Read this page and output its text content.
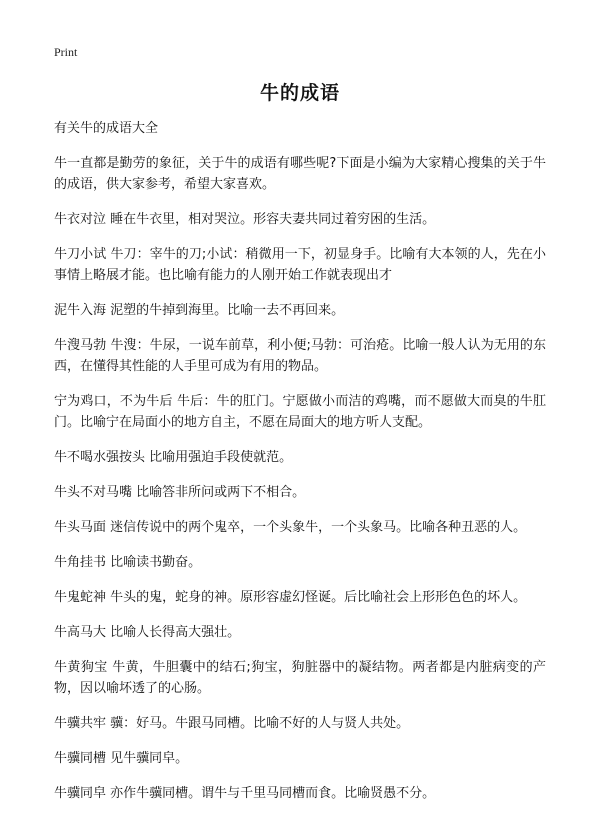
Print
牛的成语

有关牛的成语大全

牛一直都是勤劳的象征，关于牛的成语有哪些呢?下面是小编为大家精心搜集的关于牛的成语，供大家参考，希望大家喜欢。

牛衣对泣 睡在牛衣里，相对哭泣。形容夫妻共同过着穷困的生活。

牛刀小试 牛刀：宰牛的刀;小试：稍微用一下，初显身手。比喻有大本领的人，先在小事情上略展才能。也比喻有能力的人刚开始工作就表现出才

泥牛入海 泥塑的牛掉到海里。比喻一去不再回来。

牛溲马勃 牛溲：牛尿，一说车前草，利小便;马勃：可治疮。比喻一般人认为无用的东西，在懂得其性能的人手里可成为有用的物品。

宁为鸡口，不为牛后 牛后：牛的肛门。宁愿做小而洁的鸡嘴，而不愿做大而臭的牛肛门。比喻宁在局面小的地方自主，不愿在局面大的地方听人支配。

牛不喝水强按头 比喻用强迫手段使就范。

牛头不对马嘴 比喻答非所问或两下不相合。

牛头马面 迷信传说中的两个鬼卒，一个头象牛，一个头象马。比喻各种丑恶的人。

牛角挂书 比喻读书勤奋。

牛鬼蛇神 牛头的鬼，蛇身的神。原形容虚幻怪诞。后比喻社会上形形色色的坏人。

牛高马大 比喻人长得高大强壮。

牛黄狗宝 牛黄，牛胆囊中的结石;狗宝，狗脏器中的凝结物。两者都是内脏病变的产物，因以喻坏透了的心肠。

牛骥共牢 骥：好马。牛跟马同槽。比喻不好的人与贤人共处。

牛骥同槽 见牛骥同皁。

牛骥同皁 亦作牛骥同槽。谓牛与千里马同槽而食。比喻贤愚不分。
